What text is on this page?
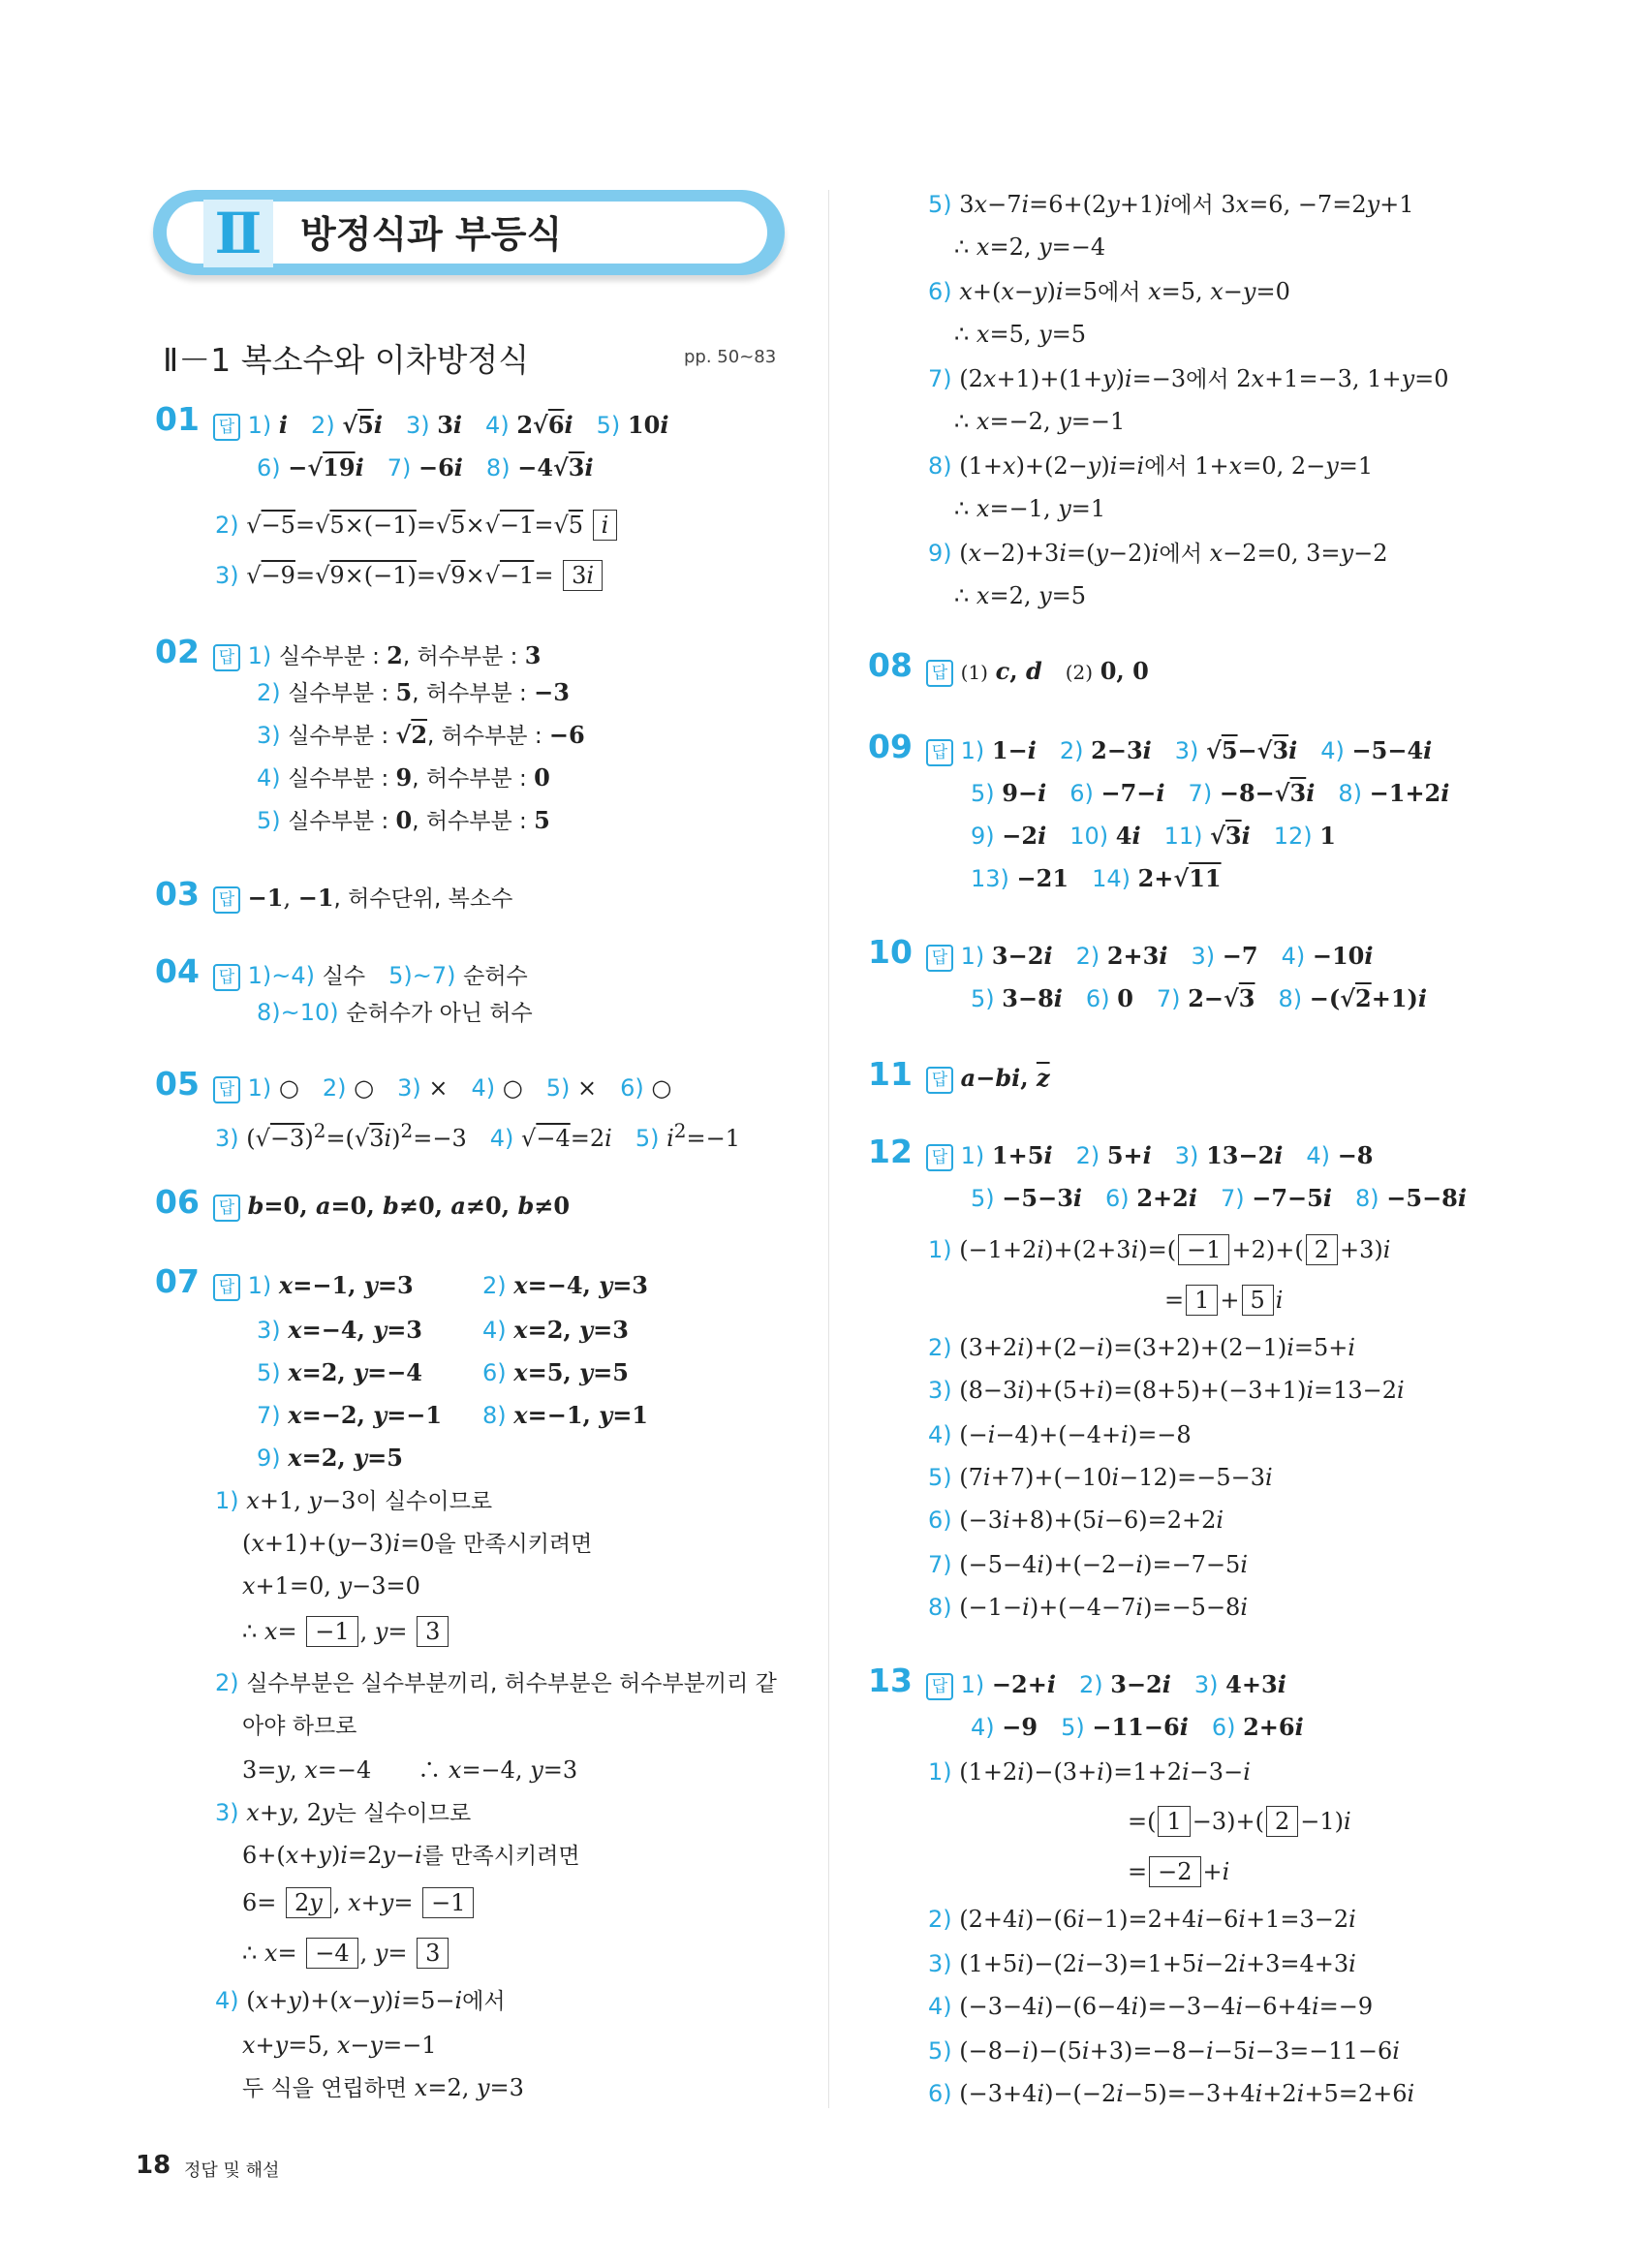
Ⅱ	방정식과 부등식
Ⅱ－1 복소수와 이차방정식	pp. 50~83
01	답 1) i　 2) √5i　 3) 3i　 4) 2√6i　 5) 10i
6) −√19i　 7) −6i　 8) −4√3i
2) √−5=√5×(−1)=√5×√−1=√5 i
3) √−9=√9×(−1)=√9×√−1= 3i
02	답 1) 실수부분 : 2, 허수부분 : 3
2) 실수부분 : 5, 허수부분 : −3
3) 실수부분 : √2, 허수부분 : −6
4) 실수부분 : 9, 허수부분 : 0
5) 실수부분 : 0, 허수부분 : 5
03	답 −1, −1, 허수단위, 복소수
04	답 1)~4) 실수　 5)~7) 순허수
8)~10) 순허수가 아닌 허수
05	답 1) ○　2) ○　3) ×　4) ○　5) ×　6) ○
3) $(√-3)^2=(√3i)^2=-3$　4) √−4=2i　 5) $i^2=-1$
06	답 b=0, a=0, b≠0, a≠0, b≠0
07	답 1) x=−1, y=3	2) x=−4, y=3
3) x=−4, y=3	4) x=2, y=3
5) x=2, y=−4	6) x=5, y=5
7) x=−2, y=−1 8) x=−1, y=1
9) x=2, y=5
1) x+1, y−3이 실수이므로
(x+1)+(y−3)i=0을 만족시키려면
x+1=0, y−3=0
∴ x= −1 , y= 3
2) 실수부분은 실수부분끼리, 허수부분은 허수부분끼리 같
아야 하므로
3=y, x=−4　　∴ x=−4, y=3
3) x+y, 2y는 실수이므로
6+(x+y)i=2y−i를 만족시키려면
6= 2y , x+y= −1
∴ x= −4 , y= 3
4) (x+y)+(x−y)i=5−i에서
x+y=5, x−y=−1
두 식을 연립하면 x=2, y=3
5) 3x−7i=6+(2y+1)i에서 3x=6, −7=2y+1
∴ x=2, y=−4
6) x+(x−y)i=5에서 x=5, x−y=0
∴ x=5, y=5
7) (2x+1)+(1+y)i=−3에서 2x+1=−3, 1+y=0
∴ x=−2, y=−1
8) (1+x)+(2−y)i=i에서 1+x=0, 2−y=1
∴ x=−1, y=1
9) (x−2)+3i=(y−2)i에서 x−2=0, 3=y−2
∴ x=2, y=5
08	답 (1) c, d　 (2) 0, 0
09	답 1) 1−i　 2) 2−3i　 3) √5−√3i　 4) −5−4i
5) 9−i　 6) −7−i　 7) −8−√3i　 8) −1+2i
9) −2i　 10) 4i　 11) √3i　 12) 1
13) −21　 14) 2+√11
10	답 1) 3−2i　 2) 2+3i　 3) −7　 4) −10i
5) 3−8i　 6) 0　 7) 2−√3　 8) −(√2+1)i
11	답 a−bi, $\overline{z}$
12	답 1) 1+5i　 2) 5+i　 3) 13−2i　 4) −8
5) −5−3i　 6) 2+2i　 7) −7−5i　 8) −5−8i
1) (−1+2i)+(2+3i)=( −1 +2)+( 2 +3)i
= 1 + 5 i
2) (3+2i)+(2−i)=(3+2)+(2−1)i=5+i
3) (8−3i)+(5+i)=(8+5)+(−3+1)i=13−2i
4) (−i−4)+(−4+i)=−8
5) (7i+7)+(−10i−12)=−5−3i
6) (−3i+8)+(5i−6)=2+2i
7) (−5−4i)+(−2−i)=−7−5i
8) (−1−i)+(−4−7i)=−5−8i
13	답 1) −2+i　 2) 3−2i　 3) 4+3i
4) −9　 5) −11−6i　 6) 2+6i
1) (1+2i)−(3+i)=1+2i−3−i
=( 1 −3)+( 2 −1)i
= −2 +i
2) (2+4i)−(6i−1)=2+4i−6i+1=3−2i
3) (1+5i)−(2i−3)=1+5i−2i+3=4+3i
4) (−3−4i)−(6−4i)=−3−4i−6+4i=−9
5) (−8−i)−(5i+3)=−8−i−5i−3=−11−6i
6) (−3+4i)−(−2i−5)=−3+4i+2i+5=2+6i
18 정답 및 해설
